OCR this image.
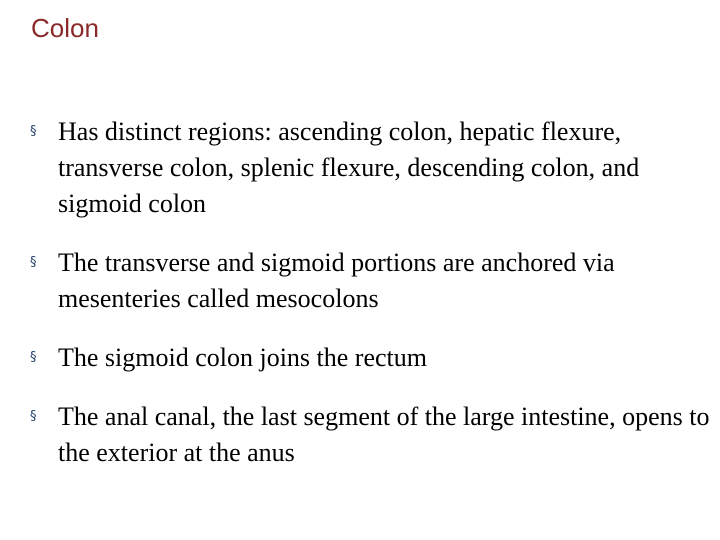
Colon
§ Has distinct regions: ascending colon, hepatic flexure, transverse colon, splenic flexure, descending colon, and sigmoid colon
§ The transverse and sigmoid portions are anchored via mesenteries called mesocolons
§ The sigmoid colon joins the rectum
§ The anal canal, the last segment of the large intestine, opens to the exterior at the anus
